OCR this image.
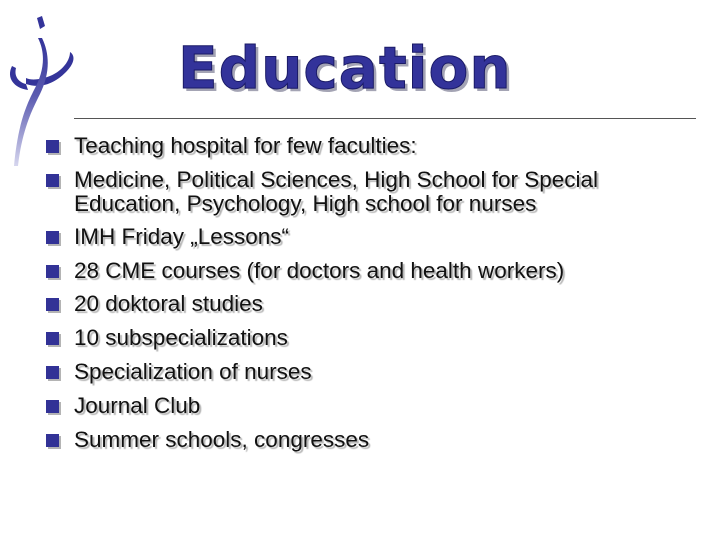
Education
Teaching hospital for few faculties:
Medicine, Political Sciences, High School for Special Education, Psychology, High school for nurses
IMH Friday „Lessons“
28 CME courses (for doctors and health workers)
20 doktoral studies
10 subspecializations
Specialization of nurses
Journal Club
Summer schools, congresses
